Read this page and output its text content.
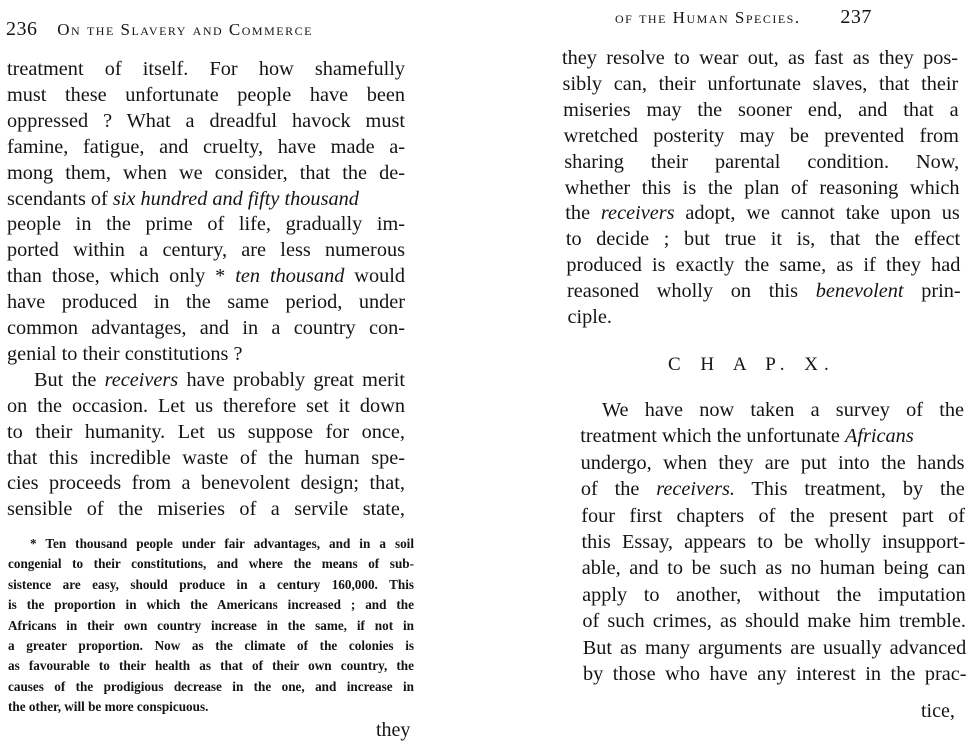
236 On the Slavery and Commerce
treatment of itself. For how shamefully
must these unfortunate people have been
oppressed ? What a dreadful havock must
famine, fatigue, and cruelty, have made a-
mong them, when we consider, that the de-
scendants of six hundred and fifty thousand
people in the prime of life, gradually im-
ported within a century, are less numerous
than those, which only * ten thousand would
have produced in the same period, under
common advantages, and in a country con-
genial to their constitutions ?
But the receivers have probably great merit
on the occasion. Let us therefore set it down
to their humanity. Let us suppose for once,
that this incredible waste of the human spe-
cies proceeds from a benevolent design; that,
sensible of the miseries of a servile state,
* Ten thousand people under fair advantages, and in a soil
congenial to their constitutions, and where the means of sub-
sistence are easy, should produce in a century 160,000. This
is the proportion in which the Americans increased ; and the
Africans in their own country increase in the same, if not in
a greater proportion. Now as the climate of the colonies is
as favourable to their health as that of their own country, the
causes of the prodigious decrease in the one, and increase in
the other, will be more conspicuous.
they
of the Human Species. 237
they resolve to wear out, as fast as they pos-
sibly can, their unfortunate slaves, that their
miseries may the sooner end, and that a
wretched posterity may be prevented from
sharing their parental condition. Now,
whether this is the plan of reasoning which
the receivers adopt, we cannot take upon us
to decide ; but true it is, that the effect
produced is exactly the same, as if they had
reasoned wholly on this benevolent prin-
ciple.
C H A P. X.
We have now taken a survey of the
treatment which the unfortunate Africans
undergo, when they are put into the hands
of the receivers. This treatment, by the
four first chapters of the present part of
this Essay, appears to be wholly insupport-
able, and to be such as no human being can
apply to another, without the imputation
of such crimes, as should make him tremble.
But as many arguments are usually advanced
by those who have any interest in the prac-
tice,
